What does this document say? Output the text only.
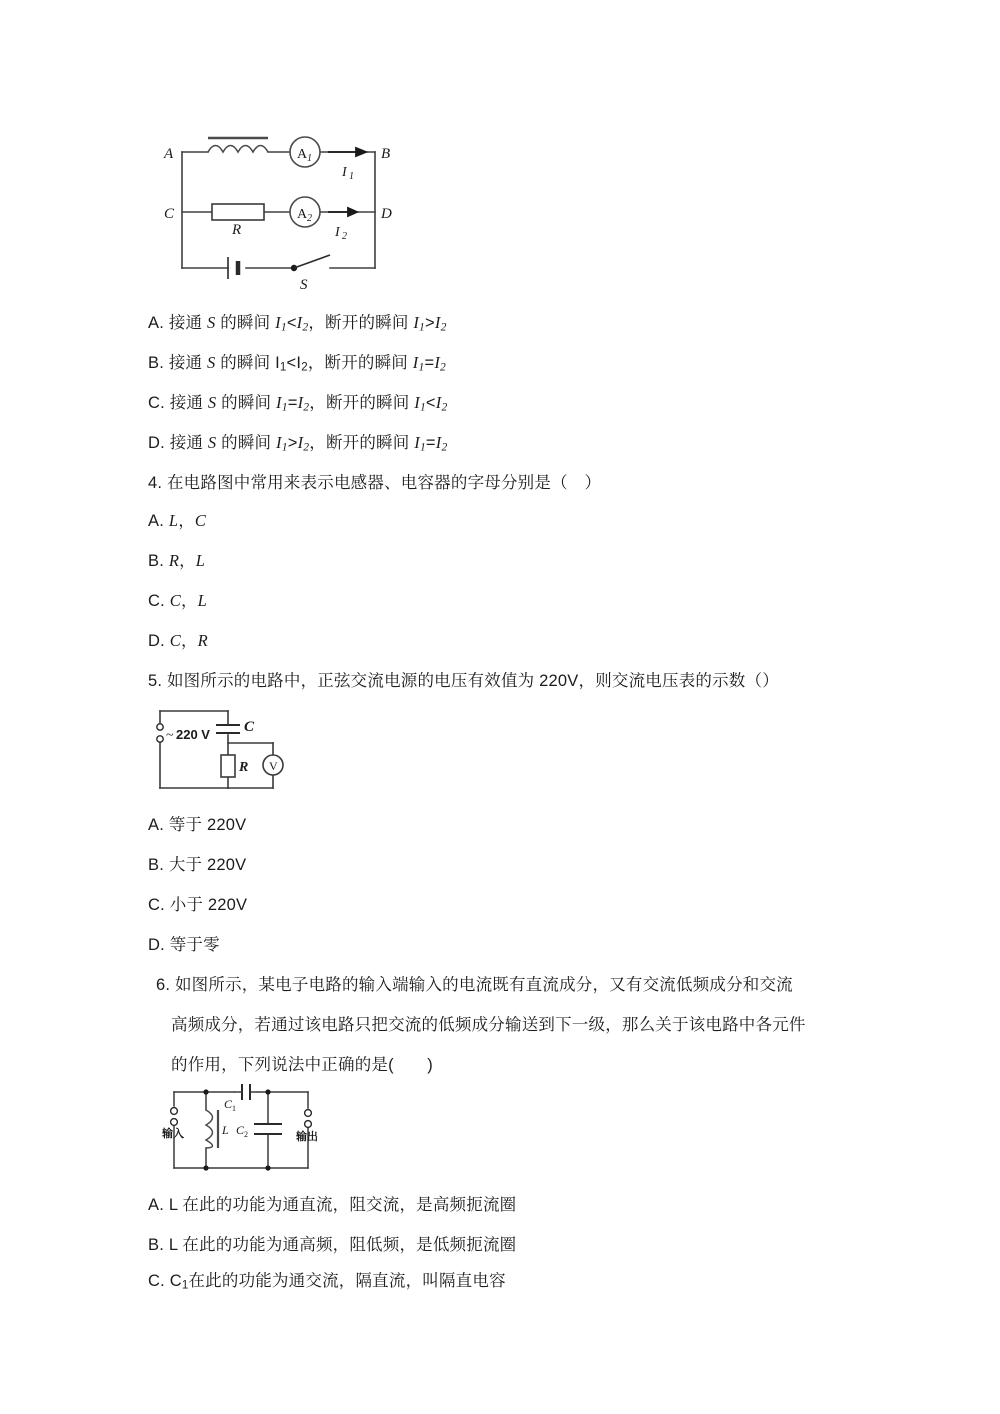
A
C
B
D
R
S
A 1
A 2
I 1
I 2
A. 接通 S 的瞬间 $I_1<I_2$，断开的瞬间 $I_1>I_2$
B. 接通 S 的瞬间 $I_1<I_2$，断开的瞬间 $I_1=I_2$
C. 接通 S 的瞬间 $I_1=I_2$，断开的瞬间 $I_1<I_2$
D. 接通 S 的瞬间 $I_1>I_2$，断开的瞬间 $I_1=I_2$
4. 在电路图中常用来表示电感器、电容器的字母分别是（　）
A. L，C
B. R，L
C. C，L
D. C，R
5. 如图所示的电路中，正弦交流电源的电压有效值为 220V，则交流电压表的示数（）
~ 220 V C
R V
A. 等于 220V
B. 大于 220V
C. 小于 220V
D. 等于零
6. 如图所示，某电子电路的输入端输入的电流既有直流成分，又有交流低频成分和交流
高频成分，若通过该电路只把交流的低频成分输送到下一级，那么关于该电路中各元件
的作用，下列说法中正确的是(　　)
输入	输出
L
C 1
C 2
A. L 在此的功能为通直流，阻交流，是高频扼流圈
B. L 在此的功能为通高频，阻低频，是低频扼流圈
C. $C_1$在此的功能为通交流，隔直流，叫隔直电容
